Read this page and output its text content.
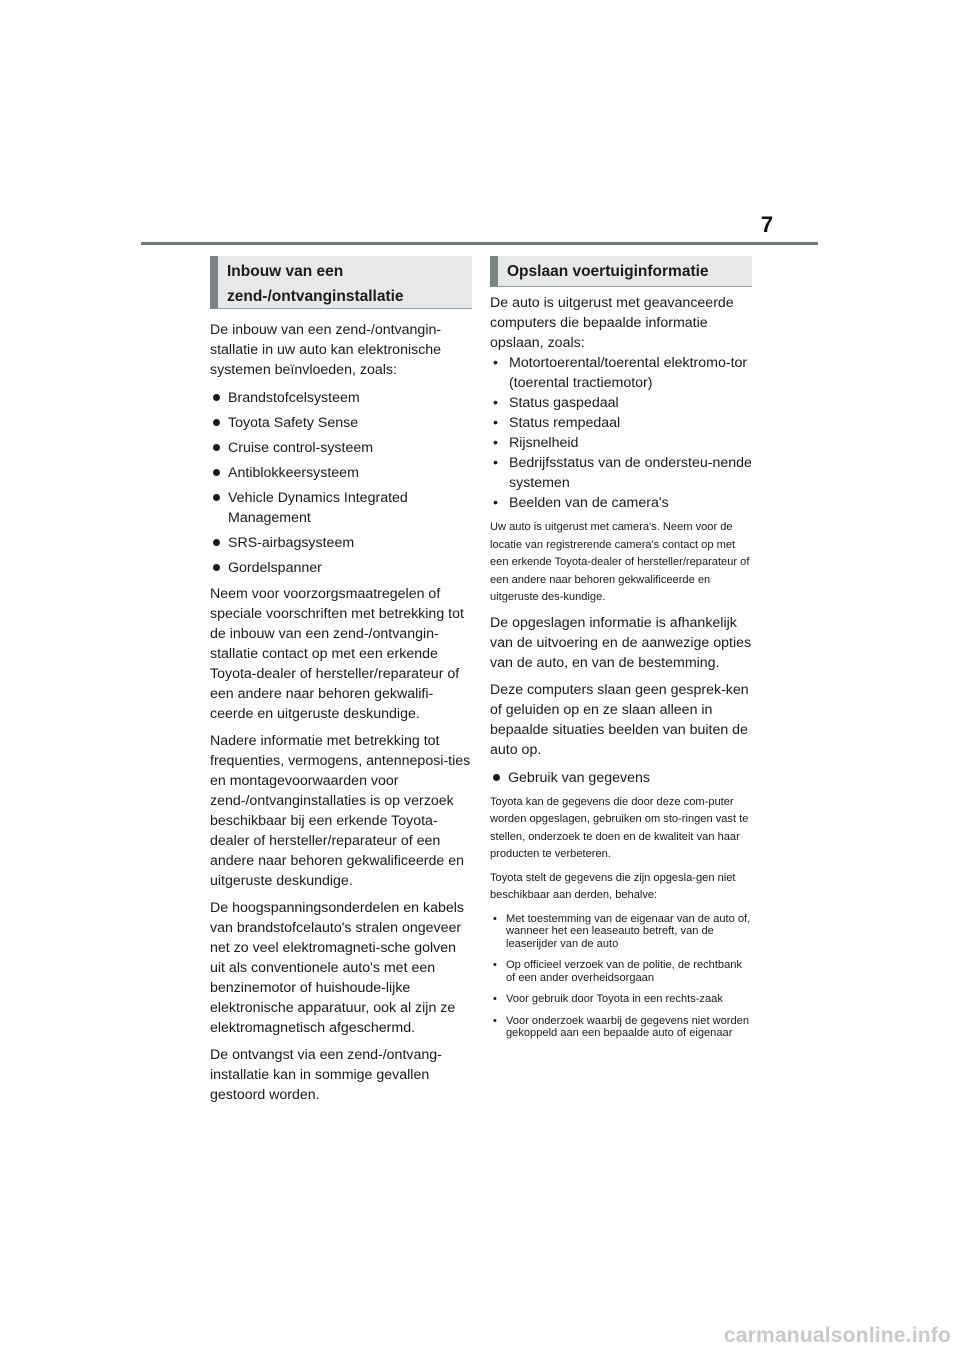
7
Inbouw van een
zend-/ontvanginstallatie

De inbouw van een zend-/ontvangin-stallatie in uw auto kan elektronische systemen beïnvloeden, zoals:

Brandstofcelsysteem
Toyota Safety Sense
Cruise control-systeem
Antiblokkeersysteem
Vehicle Dynamics Integrated Management
SRS-airbagsysteem
Gordelspanner

Neem voor voorzorgsmaatregelen of speciale voorschriften met betrekking tot de inbouw van een zend-/ontvangin-stallatie contact op met een erkende Toyota-dealer of hersteller/reparateur of een andere naar behoren gekwalifi-ceerde en uitgeruste deskundige.

Nadere informatie met betrekking tot frequenties, vermogens, antenneposi-ties en montagevoorwaarden voor zend-/ontvanginstallaties is op verzoek beschikbaar bij een erkende Toyota-dealer of hersteller/reparateur of een andere naar behoren gekwalificeerde en uitgeruste deskundige.

De hoogspanningsonderdelen en kabels van brandstofcelauto's stralen ongeveer net zo veel elektromagneti-sche golven uit als conventionele auto's met een benzinemotor of huishoude-lijke elektronische apparatuur, ook al zijn ze elektromagnetisch afgeschermd.

De ontvangst via een zend-/ontvang-installatie kan in sommige gevallen gestoord worden.

Opslaan voertuiginformatie

De auto is uitgerust met geavanceerde computers die bepaalde informatie opslaan, zoals:

• Motortoerental/toerental elektromo-tor (toerental tractiemotor)
• Status gaspedaal
• Status rempedaal
• Rijsnelheid
• Bedrijfsstatus van de ondersteu-nende systemen
• Beelden van de camera's

Uw auto is uitgerust met camera's. Neem voor de locatie van registrerende camera's contact op met een erkende Toyota-dealer of hersteller/reparateur of een andere naar behoren gekwalificeerde en uitgeruste des-kundige.

De opgeslagen informatie is afhankelijk van de uitvoering en de aanwezige opties van de auto, en van de bestemming.

Deze computers slaan geen gesprek-ken of geluiden op en ze slaan alleen in bepaalde situaties beelden van buiten de auto op.

Gebruik van gegevens

Toyota kan de gegevens die door deze com-puter worden opgeslagen, gebruiken om sto-ringen vast te stellen, onderzoek te doen en de kwaliteit van haar producten te verbeteren.

Toyota stelt de gegevens die zijn opgesla-gen niet beschikbaar aan derden, behalve:

• Met toestemming van de eigenaar van de auto of, wanneer het een leaseauto betreft, van de leaserijder van de auto
• Op officieel verzoek van de politie, de rechtbank of een ander overheidsorgaan
• Voor gebruik door Toyota in een rechts-zaak
• Voor onderzoek waarbij de gegevens niet worden gekoppeld aan een bepaalde auto of eigenaar
carmanualsonline.info
